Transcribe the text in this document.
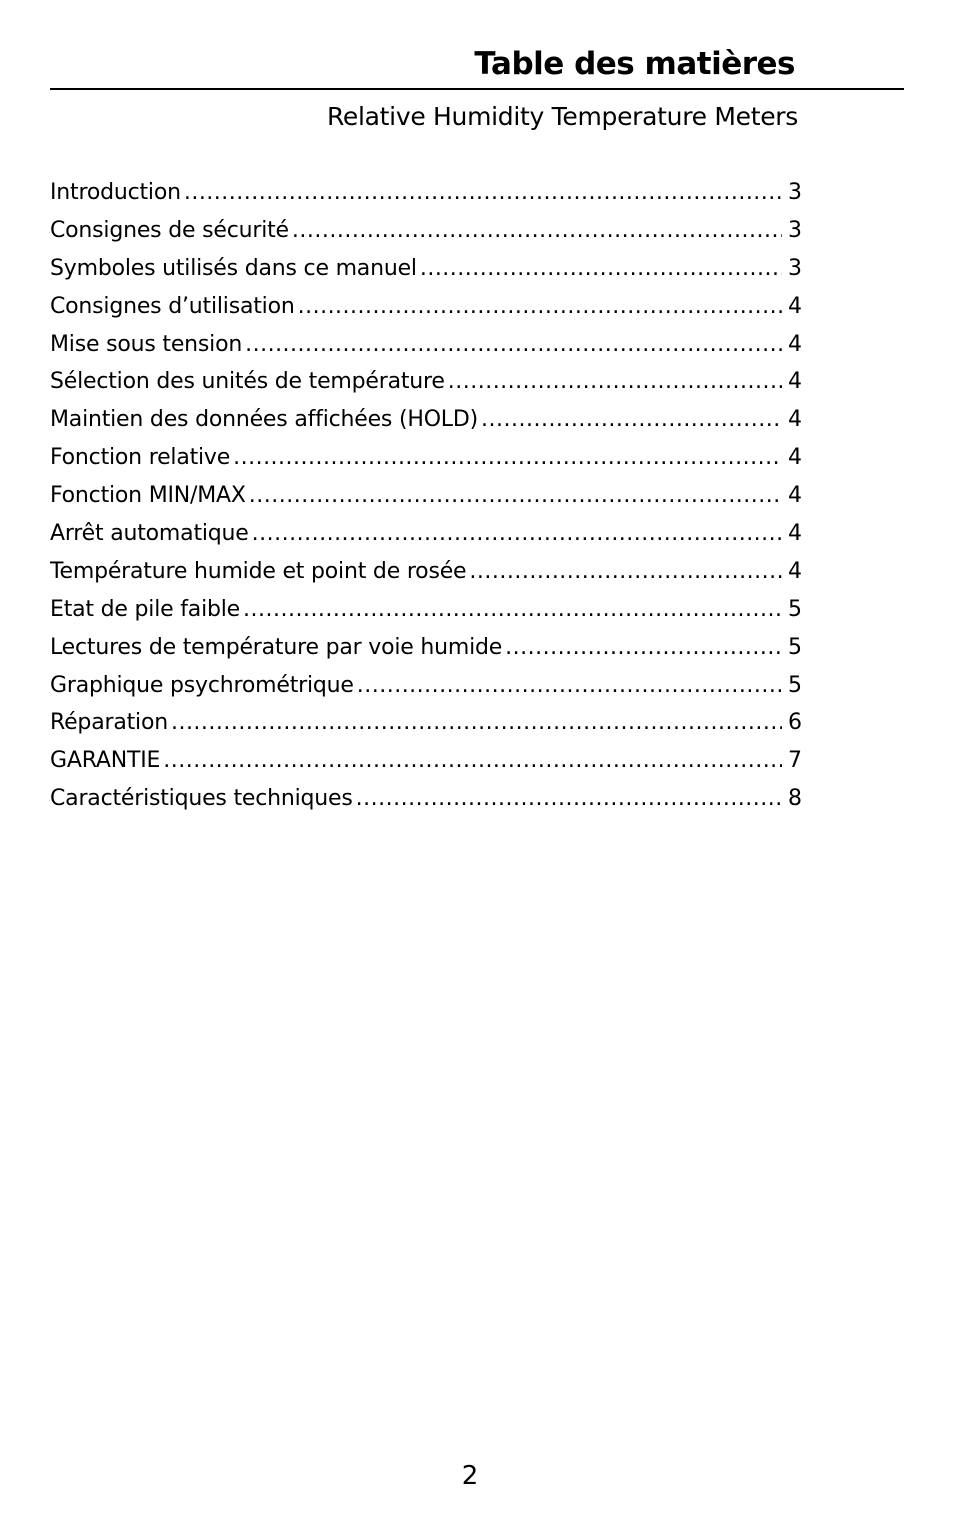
Table des matières
Relative Humidity Temperature Meters
Introduction .....	3
Consignes de sécurité .....	3
Symboles utilisés dans ce manuel .....	3
Consignes d’utilisation .....	4
Mise sous tension .....	4
Sélection des unités de température .....	4
Maintien des données affichées (HOLD) .....	4
Fonction relative .....	4
Fonction MIN/MAX .....	4
Arrêt automatique .....	4
Température humide et point de rosée .....	4
Etat de pile faible .....	5
Lectures de température par voie humide .....	5
Graphique psychrométrique .....	5
Réparation .....	6
GARANTIE .....	7
Caractéristiques techniques .....	8
2
